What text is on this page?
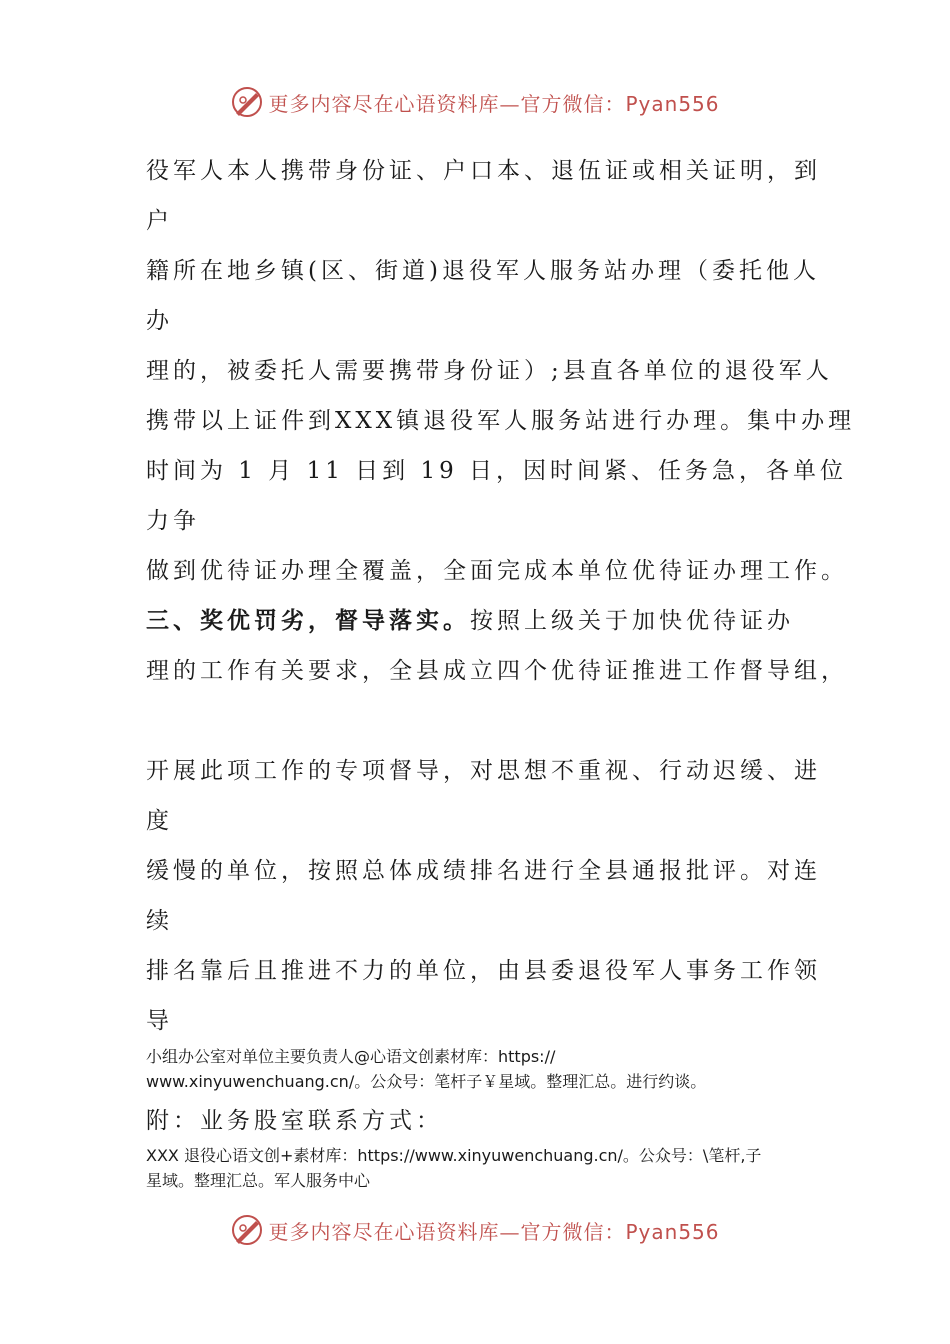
更多内容尽在心语资料库—官方微信：Pyan556
役军人本人携带身份证、户口本、退伍证或相关证明，到
户
籍所在地乡镇(区、街道)退役军人服务站办理（委托他人
办
理的，被委托人需要携带身份证）;县直各单位的退役军人
携带以上证件到XXX镇退役军人服务站进行办理。集中办理
时间为 1 月 11 日到 19 日，因时间紧、任务急，各单位
力争
做到优待证办理全覆盖，全面完成本单位优待证办理工作。
三、奖优罚劣，督导落实。按照上级关于加快优待证办
理的工作有关要求，全县成立四个优待证推进工作督导组，
开展此项工作的专项督导，对思想不重视、行动迟缓、进
度
缓慢的单位，按照总体成绩排名进行全县通报批评。对连
续
排名靠后且推进不力的单位，由县委退役军人事务工作领
导
小组办公室对单位主要负责人@心语文创素材库：https://
www.xinyuwenchuang.cn/。公众号：笔杆子￥星域。整理汇总。进行约谈。
附：业务股室联系方式：
XXX 退役心语文创+素材库：https://www.xinyuwenchuang.cn/。公众号：\笔杆,子
星域。整理汇总。军人服务中心
更多内容尽在心语资料库—官方微信：Pyan556
